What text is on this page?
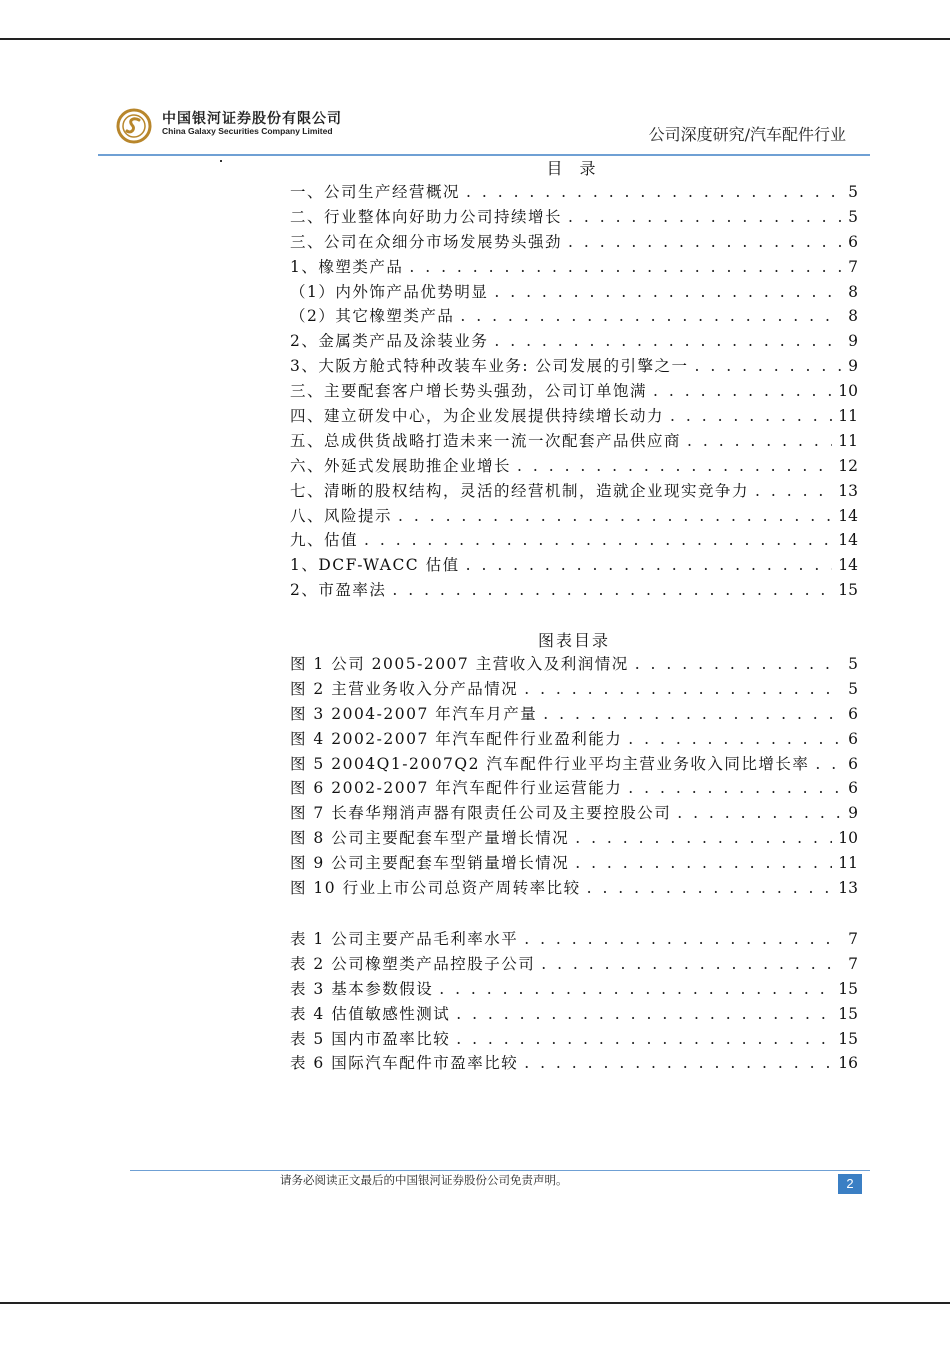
中国银河证券股份有限公司
China Galaxy Securities Company Limited	公司深度研究/汽车配件行业
目 录
一、公司生产经营概况 . . .	5
二、行业整体向好助力公司持续增长 . . .	5
三、公司在众细分市场发展势头强劲 . . .	6
1、橡塑类产品 . . .	7
（1）内外饰产品优势明显 . . .	8
（2）其它橡塑类产品 . . .	8
2、金属类产品及涂装业务 . . .	9
3、大阪方舱式特种改装车业务: 公司发展的引擎之一 . . .	9
三、主要配套客户增长势头强劲，公司订单饱满 . . .	10
四、建立研发中心，为企业发展提供持续增长动力 . . .	11
五、总成供货战略打造未来一流一次配套产品供应商 . . .	11
六、外延式发展助推企业增长 . . .	12
七、清晰的股权结构，灵活的经营机制，造就企业现实竞争力 . . .	13
八、风险提示 . . .	14
九、估值 . . .	14
1、DCF-WACC 估值 . . .	14
2、市盈率法 . . .	15
图表目录
图 1 公司 2005-2007 主营收入及利润情况 . . .	5
图 2 主营业务收入分产品情况 . . .	5
图 3 2004-2007 年汽车月产量 . . .	6
图 4 2002-2007 年汽车配件行业盈利能力 . . .	6
图 5 2004Q1-2007Q2 汽车配件行业平均主营业务收入同比增长率 . . . 6
图 6 2002-2007 年汽车配件行业运营能力 . . .	6
图 7 长春华翔消声器有限责任公司及主要控股公司 . . .	9
图 8 公司主要配套车型产量增长情况 . . .	10
图 9 公司主要配套车型销量增长情况 . . .	11
图 10 行业上市公司总资产周转率比较 . . .	13
表 1 公司主要产品毛利率水平 . . .	7
表 2 公司橡塑类产品控股子公司 . . .	7
表 3 基本参数假设 . . .	15
表 4 估值敏感性测试 . . .	15
表 5 国内市盈率比较 . . .	15
表 6 国际汽车配件市盈率比较 . . .	16
请务必阅读正文最后的中国银河证券股份公司免责声明。	2
